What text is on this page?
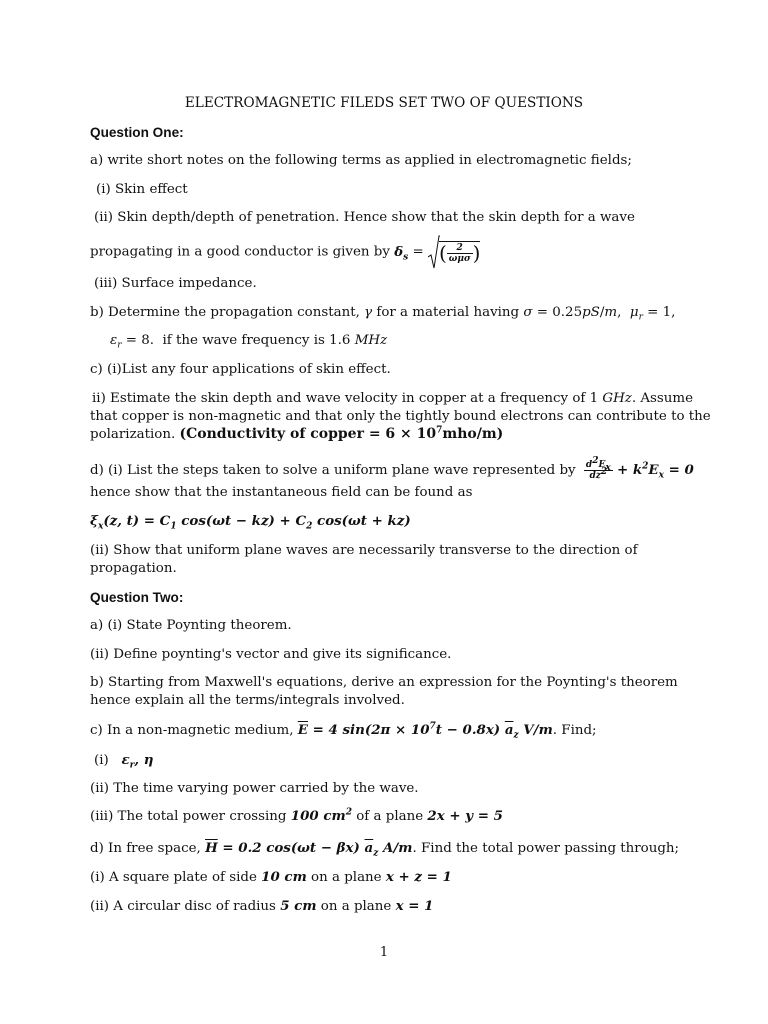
ELECTROMAGNETIC FILEDS SET TWO OF QUESTIONS
Question One:
a) write short notes on the following terms as applied in electromagnetic fields;
(i) Skin effect
(ii) Skin depth/depth of penetration. Hence show that the skin depth for a wave
propagating in a good conductor is given by $\delta_s$ = ( $\frac{2}{\text{ωμσ}}$ )
(iii) Surface impedance.
b) Determine the propagation constant, γ for a material having σ = 0.25pS/m,  $\mu_r = 1$,
$\varepsilon_r = 8$.  if the wave frequency is 1.6 MHz
c) (i)List any four applications of skin effect.
ii) Estimate the skin depth and wave velocity in copper at a frequency of 1 GHz. Assume
that copper is non-magnetic and that only the tightly bound electrons can contribute to the
polarization. (Conductivity of copper = $6 \times 10^7mho/m$)
d) (i) List the steps taken to solve a uniform plane wave represented by $\frac{d^2E_x}{dz^2} + k^2E_x = 0$
hence show that the instantaneous field can be found as
$\xi_x(z$, $t) = C_1$ $\cos(\omega t - kz) + C_2$ cos(ωt + kz)
(ii) Show that uniform plane waves are necessarily transverse to the direction of
propagation.
Question Two:
a) (i) State Poynting theorem.
(ii) Define poynting's vector and give its significance.
b) Starting from Maxwell's equations, derive an expression for the Poynting's theorem
hence explain all the terms/integrals involved.
c) In a non-magnetic medium, $\overline{E} = 4$ $\sin(2\pi \times 10^7t - 0.8x)$ $\overline{a}_z$ V/m. Find;
(i) $\varepsilon_r$, η
(ii) The time varying power carried by the wave.
(iii) The total power crossing 100 $cm^2$ of a plane 2x + y = 5
d) In free space, $\overline{H} = 0.2$ cos(ωt − βx) $\overline{a}_z$ A/m. Find the total power passing through;
(i) A square plate of side 10 cm on a plane x + z = 1
(ii) A circular disc of radius 5 cm on a plane x = 1
1
